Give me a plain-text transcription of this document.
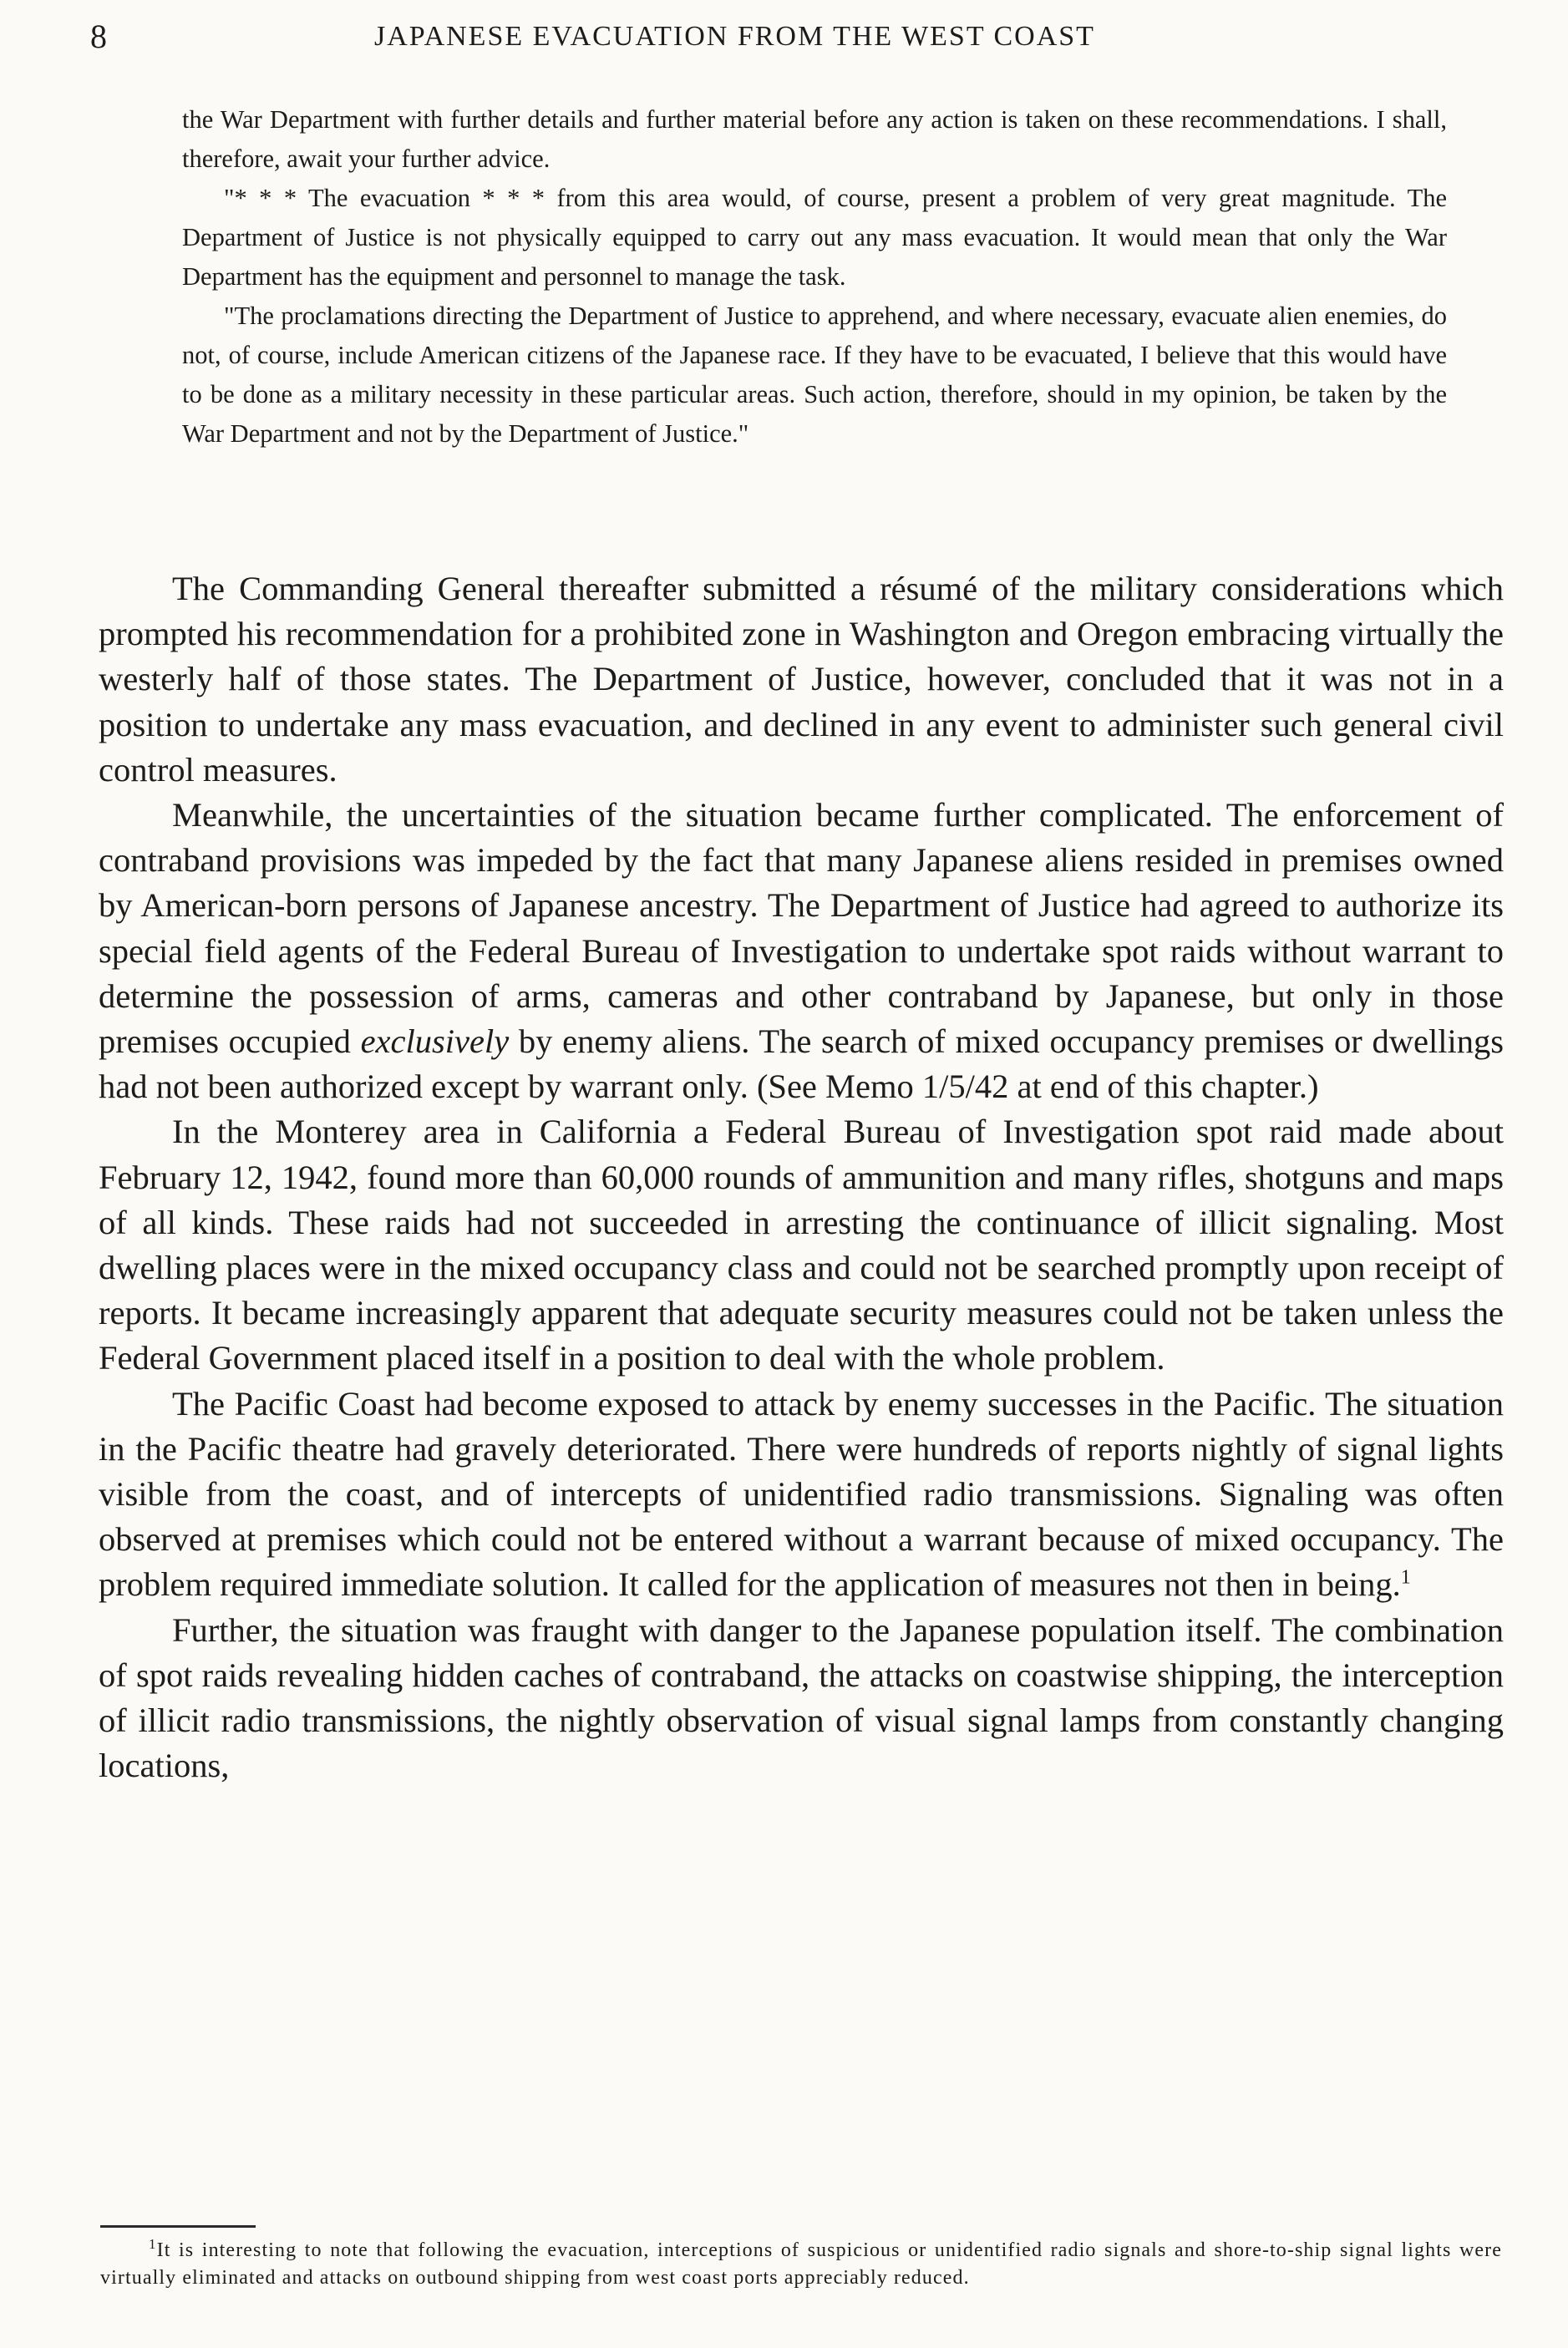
8	JAPANESE EVACUATION FROM THE WEST COAST

the War Department with further details and further material before any action is taken on these recommendations. I shall, therefore, await your further advice.

"* * * The evacuation * * * from this area would, of course, present a problem of very great magnitude. The Department of Justice is not physically equipped to carry out any mass evacuation. It would mean that only the War Department has the equipment and personnel to manage the task.

"The proclamations directing the Department of Justice to apprehend, and where necessary, evacuate alien enemies, do not, of course, include American citizens of the Japanese race. If they have to be evacuated, I believe that this would have to be done as a military necessity in these particular areas. Such action, therefore, should in my opinion, be taken by the War Department and not by the Department of Justice."

The Commanding General thereafter submitted a résumé of the military considerations which prompted his recommendation for a prohibited zone in Washington and Oregon embracing virtually the westerly half of those states. The Department of Justice, however, concluded that it was not in a position to undertake any mass evacuation, and declined in any event to administer such general civil control measures.

Meanwhile, the uncertainties of the situation became further complicated. The enforcement of contraband provisions was impeded by the fact that many Japanese aliens resided in premises owned by American-born persons of Japanese ancestry. The Department of Justice had agreed to authorize its special field agents of the Federal Bureau of Investigation to undertake spot raids without warrant to determine the possession of arms, cameras and other contraband by Japanese, but only in those premises occupied exclusively by enemy aliens. The search of mixed occupancy premises or dwellings had not been authorized except by warrant only. (See Memo 1/5/42 at end of this chapter.)

In the Monterey area in California a Federal Bureau of Investigation spot raid made about February 12, 1942, found more than 60,000 rounds of ammunition and many rifles, shotguns and maps of all kinds. These raids had not succeeded in arresting the continuance of illicit signaling. Most dwelling places were in the mixed occupancy class and could not be searched promptly upon receipt of reports. It became increasingly apparent that adequate security measures could not be taken unless the Federal Government placed itself in a position to deal with the whole problem.

The Pacific Coast had become exposed to attack by enemy successes in the Pacific. The situation in the Pacific theatre had gravely deteriorated. There were hundreds of reports nightly of signal lights visible from the coast, and of intercepts of unidentified radio transmissions. Signaling was often observed at premises which could not be entered without a warrant because of mixed occupancy. The problem required immediate solution. It called for the application of measures not then in being.$^1$

Further, the situation was fraught with danger to the Japanese population itself. The combination of spot raids revealing hidden caches of contraband, the attacks on coastwise shipping, the interception of illicit radio transmissions, the nightly observation of visual signal lamps from constantly changing locations,

$^1$It is interesting to note that following the evacuation, interceptions of suspicious or unidentified radio signals and shore-to-ship signal lights were virtually eliminated and attacks on outbound shipping from west coast ports appreciably reduced.
